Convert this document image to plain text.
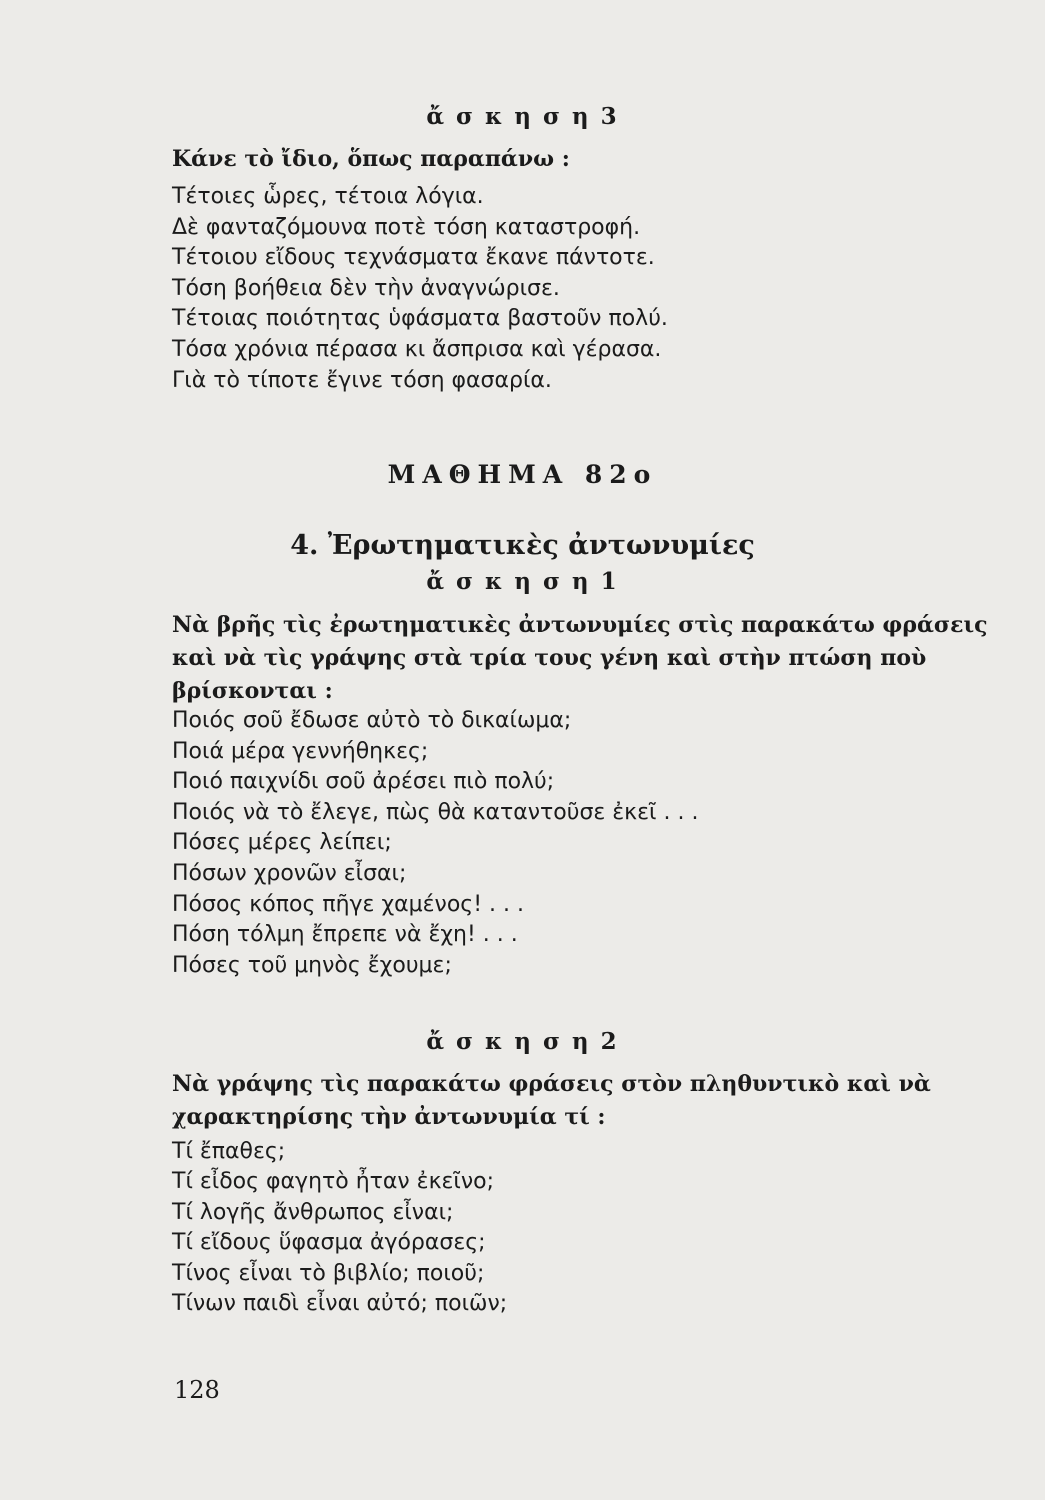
ἄ σ κ η σ η 3
Κάνε τὸ ἴδιο, ὅπως παραπάνω :
Τέτοιες ὧρες, τέτοια λόγια.
Δὲ φανταζόμουνα ποτὲ τόση καταστροφή.
Τέτοιου εἴδους τεχνάσματα ἔκανε πάντοτε.
Τόση βοήθεια δὲν τὴν ἀναγνώρισε.
Τέτοιας ποιότητας ὑφάσματα βαστοῦν πολύ.
Τόσα χρόνια πέρασα κι ἄσπρισα καὶ γέρασα.
Γιὰ τὸ τίποτε ἔγινε τόση φασαρία.
ΜΑΘΗΜΑ 82ο
4. Ἐρωτηματικὲς ἀντωνυμίες
ἄ σ κ η σ η 1
Νὰ βρῆς τὶς ἐρωτηματικὲς ἀντωνυμίες στὶς παρακάτω φράσεις καὶ νὰ τὶς γράψης στὰ τρία τους γένη καὶ στὴν πτώση ποὺ βρίσκονται :
Ποιός σοῦ ἔδωσε αὐτὸ τὸ δικαίωμα;
Ποιά μέρα γεννήθηκες;
Ποιό παιχνίδι σοῦ ἀρέσει πιὸ πολύ;
Ποιός νὰ τὸ ἔλεγε, πὼς θὰ καταντοῦσε ἐκεῖ . . .
Πόσες μέρες λείπει;
Πόσων χρονῶν εἶσαι;
Πόσος κόπος πῆγε χαμένος! . . .
Πόση τόλμη ἔπρεπε νὰ ἔχη! . . .
Πόσες τοῦ μηνὸς ἔχουμε;
ἄ σ κ η σ η 2
Νὰ γράψης τὶς παρακάτω φράσεις στὸν πληθυντικὸ καὶ νὰ χαρακτηρίσης τὴν ἀντωνυμία τί :
Τί ἔπαθες;
Τί εἶδος φαγητὸ ἦταν ἐκεῖνο;
Τί λογῆς ἄνθρωπος εἶναι;
Τί εἴδους ὕφασμα ἀγόρασες;
Τίνος εἶναι τὸ βιβλίο; ποιοῦ;
Τίνων παιδὶ εἶναι αὐτό; ποιῶν;
128
